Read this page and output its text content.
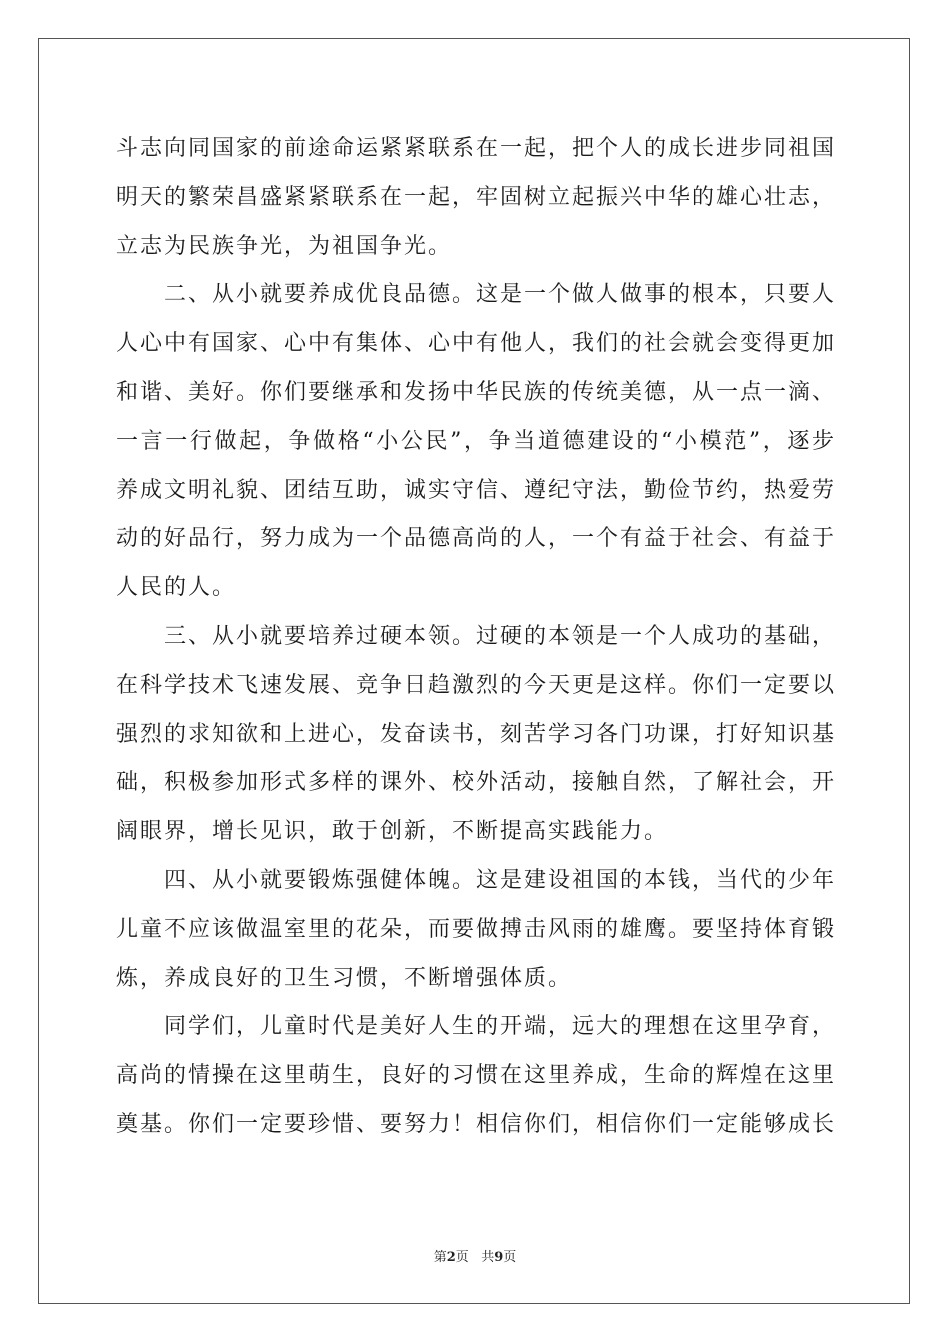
斗志向同国家的前途命运紧紧联系在一起，把个人的成长进步同祖国明天的繁荣昌盛紧紧联系在一起，牢固树立起振兴中华的雄心壮志，立志为民族争光，为祖国争光。

二、从小就要养成优良品德。这是一个做人做事的根本，只要人人心中有国家、心中有集体、心中有他人，我们的社会就会变得更加和谐、美好。你们要继承和发扬中华民族的传统美德，从一点一滴、一言一行做起，争做格“小公民”，争当道德建设的“小模范”，逐步养成文明礼貌、团结互助，诚实守信、遵纪守法，勤俭节约，热爱劳动的好品行，努力成为一个品德高尚的人，一个有益于社会、有益于人民的人。

三、从小就要培养过硬本领。过硬的本领是一个人成功的基础，在科学技术飞速发展、竞争日趋激烈的今天更是这样。你们一定要以强烈的求知欲和上进心，发奋读书，刻苦学习各门功课，打好知识基础，积极参加形式多样的课外、校外活动，接触自然，了解社会，开阔眼界，增长见识，敢于创新，不断提高实践能力。

四、从小就要锻炼强健体魄。这是建设祖国的本钱，当代的少年儿童不应该做温室里的花朵，而要做搏击风雨的雄鹰。要坚持体育锻炼，养成良好的卫生习惯，不断增强体质。

同学们，儿童时代是美好人生的开端，远大的理想在这里孕育，高尚的情操在这里萌生，良好的习惯在这里养成，生命的辉煌在这里奠基。你们一定要珍惜、要努力！相信你们，相信你们一定能够成长

第2页 共9页
